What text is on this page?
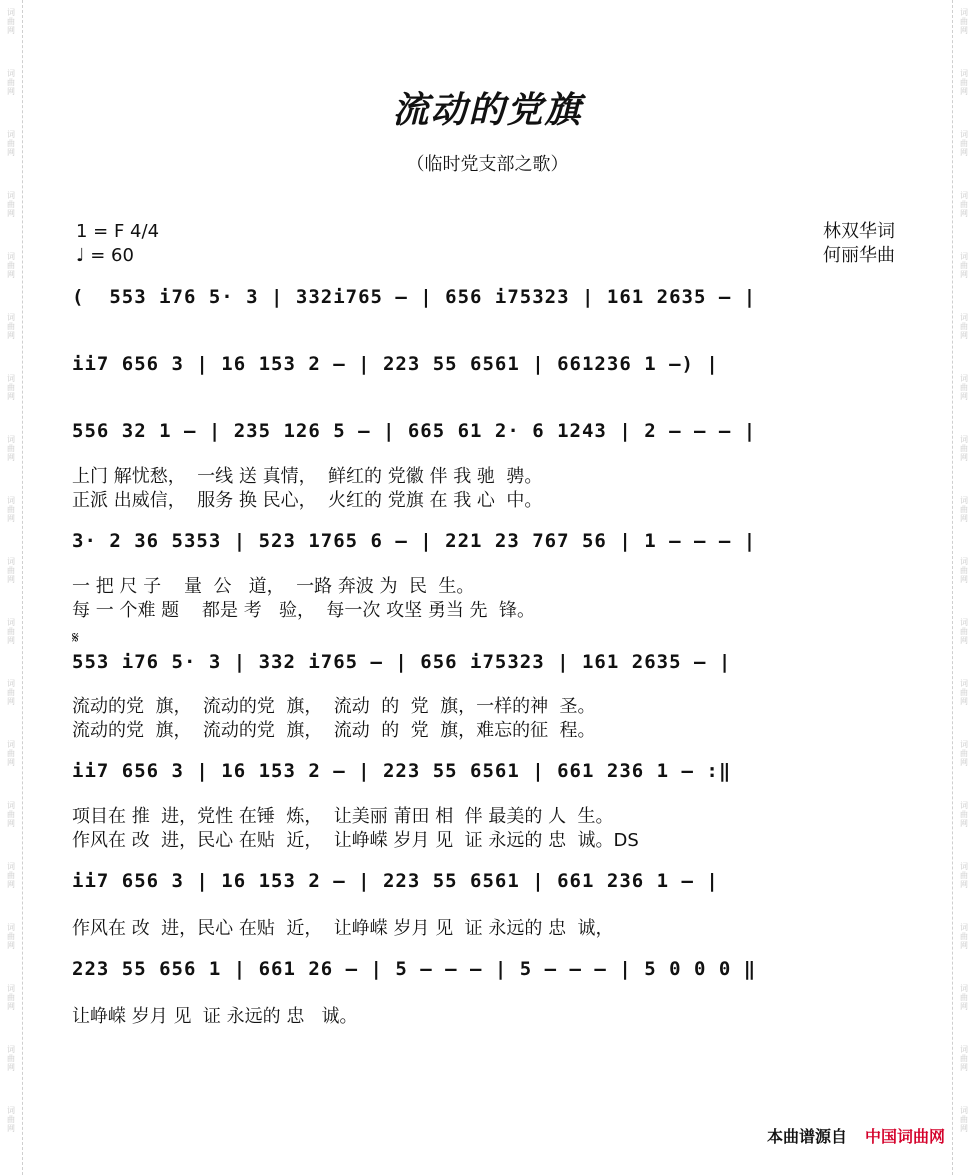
词
曲
网
词
曲
网
词
曲
网
词
曲
网
词
曲
网
词
曲
网
词
曲
网
词
曲
网
词
曲
网
词
曲
网
词
曲
网
词
曲
网
词
曲
网
词
曲
网
词
曲
网
词
曲
网
词
曲
网
词
曲
网
词
曲
网
词
曲
网
词
曲
网
词
曲
网
词
曲
网
词
曲
网
词
曲
网
词
曲
网
词
曲
网
词
曲
网
词
曲
网
词
曲
网
词
曲
网
词
曲
网
词
曲
网
词
曲
网
词
曲
网
词
曲
网
词
曲
网
词
曲
网
流动的党旗
（临时党支部之歌）
1 = F 4/4
♩ = 60
林双华词
何丽华曲
(  553 i76 5· 3 | 332i765 — | 656 i75323 | 161 2635 — |
ii7 656 3 | 16 153 2 — | 223 55 6561 | 661236 1 —) |
556 32 1 — | 235 126 5 — | 665 61 2· 6 1243 | 2 — — — |
上门 解忧愁，  一线 送 真情，  鲜红的 党徽 伴 我 驰  骋。
正派 出威信，  服务 换 民心，  火红的 党旗 在 我 心  中。
3· 2 36 5353 | 523 1765 6 — | 221 23 767 56 | 1 — — — |
一 把 尺 子    量  公   道，  一路 奔波 为  民  生。
每 一 个难 题    都是 考   验，  每一次 攻坚 勇当 先  锋。
𝄋
553 i76 5· 3 | 332 i765 — | 656 i75323 | 161 2635 — |
流动的党  旗，  流动的党  旗，  流动  的  党  旗，一样的神  圣。
流动的党  旗，  流动的党  旗，  流动  的  党  旗，难忘的征  程。
ii7 656 3 | 16 153 2 — | 223 55 6561 | 661 236 1 — :‖
项目在 推  进，党性 在锤  炼，  让美丽 莆田 相  伴 最美的 人  生。
作风在 改  进，民心 在贴  近，  让峥嵘 岁月 见  证 永远的 忠  诚。DS
ii7 656 3 | 16 153 2 — | 223 55 6561 | 661 236 1 — |
作风在 改  进，民心 在贴  近，  让峥嵘 岁月 见  证 永远的 忠  诚，
223 55 656 1 | 661 26 — | 5 — — — | 5 — — — | 5 0 0 0 ‖
让峥嵘 岁月 见  证 永远的 忠   诚。
本曲谱源自 中国词曲网
